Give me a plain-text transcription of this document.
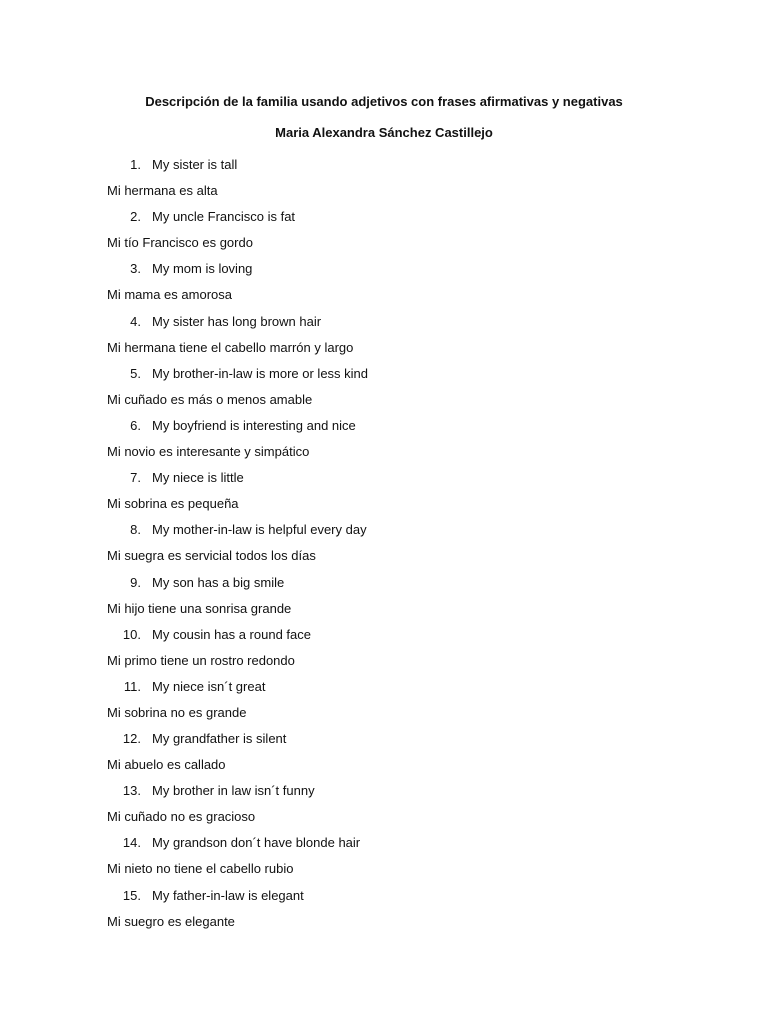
Descripción de la familia usando adjetivos con frases afirmativas y negativas
Maria Alexandra Sánchez Castillejo
1. My sister is tall
Mi hermana es alta
2. My uncle Francisco is fat
Mi tío Francisco es gordo
3. My mom is loving
Mi mama es amorosa
4. My sister has long brown hair
Mi hermana tiene el cabello marrón y largo
5. My brother-in-law is more or less kind
Mi cuñado es más o menos amable
6. My boyfriend is interesting and nice
Mi novio es interesante y simpático
7. My niece is little
Mi sobrina es pequeña
8. My mother-in-law is helpful every day
Mi suegra es servicial todos los días
9. My son has a big smile
Mi hijo tiene una sonrisa grande
10. My cousin has a round face
Mi primo tiene un rostro redondo
11. My niece isn´t great
Mi sobrina no es grande
12. My grandfather is silent
Mi abuelo es callado
13. My brother in law isn´t funny
Mi cuñado no es gracioso
14. My grandson don´t have blonde hair
Mi nieto no tiene el cabello rubio
15. My father-in-law is elegant
Mi suegro es elegante
